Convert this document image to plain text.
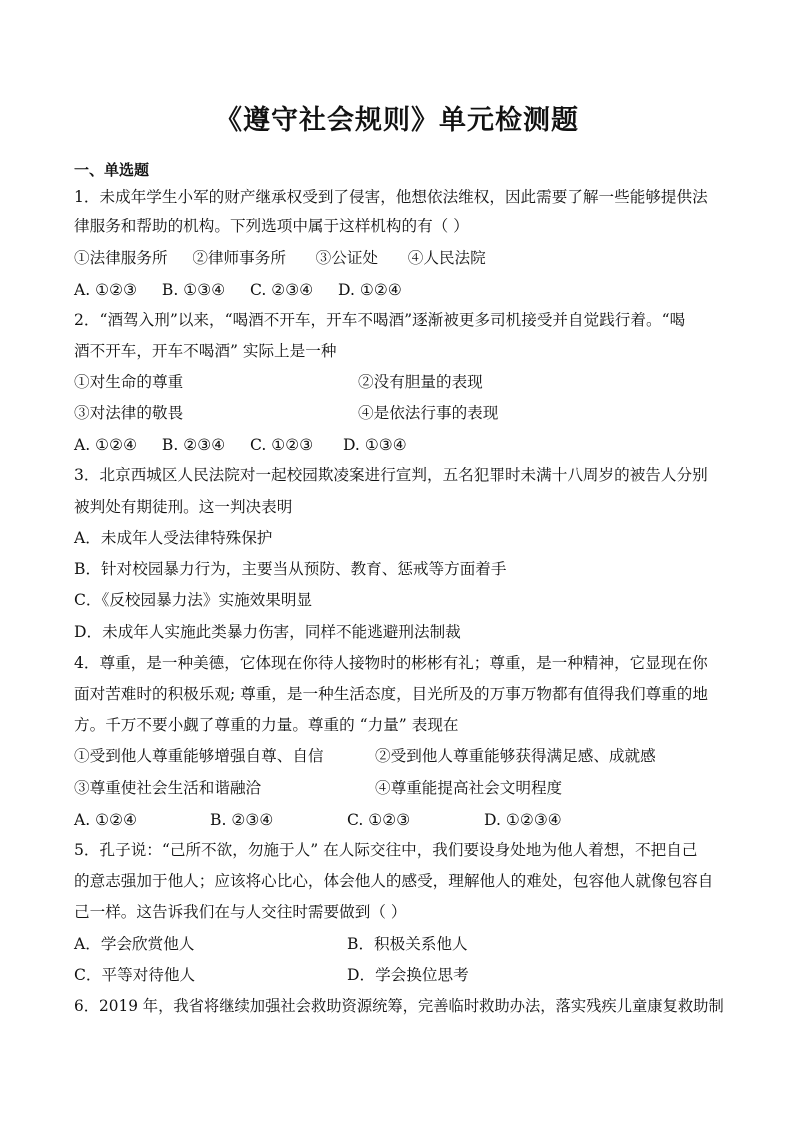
《遵守社会规则》单元检测题
一、单选题
1．未成年学生小军的财产继承权受到了侵害，他想依法维权，因此需要了解一些能够提供法
律服务和帮助的机构。下列选项中属于这样机构的有（ ）
①法律服务所     ②律师事务所      ③公证处      ④人民法院
A. ①②③     B. ①③④     C. ②③④     D. ①②④
2．“酒驾入刑”以来，“喝酒不开车，开车不喝酒”逐渐被更多司机接受并自觉践行着。“喝
酒不开车，开车不喝酒” 实际上是一种
①对生命的尊重	②没有胆量的表现
③对法律的敬畏	④是依法行事的表现
A. ①②④     B. ②③④     C. ①②③      D. ①③④
3．北京西城区人民法院对一起校园欺凌案进行宣判，五名犯罪时未满十八周岁的被告人分别
被判处有期徒刑。这一判决表明
A．未成年人受法律特殊保护
B．针对校园暴力行为，主要当从预防、教育、惩戒等方面着手
C．《反校园暴力法》实施效果明显
D．未成年人实施此类暴力伤害，同样不能逃避刑法制裁
4．尊重，是一种美德，它体现在你待人接物时的彬彬有礼；尊重，是一种精神，它显现在你
面对苦难时的积极乐观; 尊重，是一种生活态度，目光所及的万事万物都有值得我们尊重的地
方。千万不要小觑了尊重的力量。尊重的 “力量” 表现在
①受到他人尊重能够增强自尊、自信	②受到他人尊重能够获得满足感、成就感
③尊重使社会生活和谐融洽	④尊重能提高社会文明程度
A. ①②④	B. ②③④	C. ①②③	D. ①②③④
5．孔子说：“己所不欲，勿施于人” 在人际交往中，我们要设身处地为他人着想，不把自己
的意志强加于他人；应该将心比心，体会他人的感受，理解他人的难处，包容他人就像包容自
己一样。这告诉我们在与人交往时需要做到（ ）
A．学会欣赏他人	B．积极关系他人
C．平等对待他人	D．学会换位思考
6．2019 年，我省将继续加强社会救助资源统筹，完善临时救助办法，落实残疾儿童康复救助制
